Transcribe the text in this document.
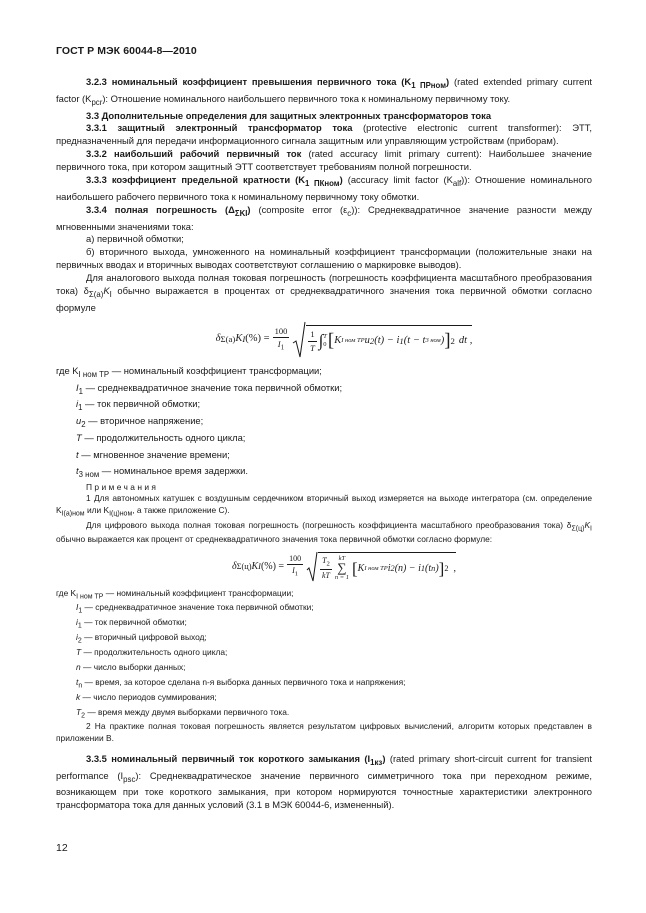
ГОСТ Р МЭК 60044-8—2010

3.2.3 номинальный коэффициент превышения первичного тока $(K_{1 ПРном})$ (rated extended primary current factor $(K_{pcr})$: Отношение номинального наибольшего первичного тока к номинальному первичному току.

3.3 Дополнительные определения для защитных электронных трансформаторов тока

3.3.1 защитный электронный трансформатор тока (protective electronic current transformer): ЭТТ, предназначенный для передачи информационного сигнала защитным или управляющим устройствам (приборам).

3.3.2 наибольший рабочий первичный ток (rated accuracy limit primary current): Наибольшее значение первичного тока, при котором защитный ЭТТ соответствует требованиям полной погрешности.

3.3.3 коэффициент предельной кратности $(K_{1 ПКном})$ (accuracy limit factor $(K_{alf})$): Отношение номинального наибольшего рабочего первичного тока к номинальному первичному току обмотки.

3.3.4 полная погрешность $(\Delta_{\Sigma KI})$ (composite error $(\varepsilon_c)$): Среднеквадратичное значение разности между мгновенными значениями тока:

а) первичной обмотки;

б) вторичного выхода, умноженного на номинальный коэффициент трансформации (положительные знаки на первичных вводах и вторичных выводах соответствуют соглашению о маркировке выводов).

Для аналогового выхода полная токовая погрешность (погрешность коэффициента масштабного преобразования тока) $\delta_{\Sigma(a)}K_I$ обычно выражается в процентах от среднеквадратичного значения тока первичной обмотки согласно формуле

δ Σ(a) K I (%) = $\frac{100}{I_1} 1$
T ∫ T
0 [ K I ном ТР u 2 (t) − i 1 (t − t 3 ном ) ] 2 dt ,

где $K_{I ном ТР}$ — номинальный коэффициент трансформации;

$I_1$ — среднеквадратичное значение тока первичной обмотки;

$i_1$ — ток первичной обмотки;

$u_2$ — вторичное напряжение;

T — продолжительность одного цикла;

t — мгновенное значение времени;

$t_{3 ном}$ — номинальное время задержки.

Примечания

1 Для автономных катушек с воздушным сердечником вторичный выход измеряется на выходе интегратора (см. определение $K_{I(a)ном}$ или $K_{I(ц)ном}$, а также приложение С).

Для цифрового выхода полная токовая погрешность (погрешность коэффициента масштабного преобразования тока) $\delta_{\Sigma(ц)}K_I$ обычно выражается как процент от среднеквадратичного значения тока первичной обмотки согласно формуле:

δ Σ(ц) K I (%) = $\frac{100}{I_1} T_2$
kT
kT
∑
n = 1
[ K I ном ТР i 2 (n) − i 1 (t n ) ] 2 ,

где $K_{I ном ТР}$ — номинальный коэффициент трансформации;

$I_1$ — среднеквадратичное значение тока первичной обмотки;

$i_1$ — ток первичной обмотки;

$i_2$ — вторичный цифровой выход;

T — продолжительность одного цикла;

n — число выборки данных;

$t_n$ — время, за которое сделана n-я выборка данных первичного тока и напряжения;

k — число периодов суммирования;

$T_2$ — время между двумя выборками первичного тока.

2 На практике полная токовая погрешность является результатом цифровых вычислений, алгоритм которых представлен в приложении В.

3.3.5 номинальный первичный ток короткого замыкания $(I_{1кз})$ (rated primary short-circuit current for transient performance $(I_{psc})$: Среднеквадратическое значение первичного симметричного тока при переходном режиме, возникающем при токе короткого замыкания, при котором нормируются точностные характеристики электронного трансформатора тока для данных условий (3.1 в МЭК 60044-6, измененный).

12
